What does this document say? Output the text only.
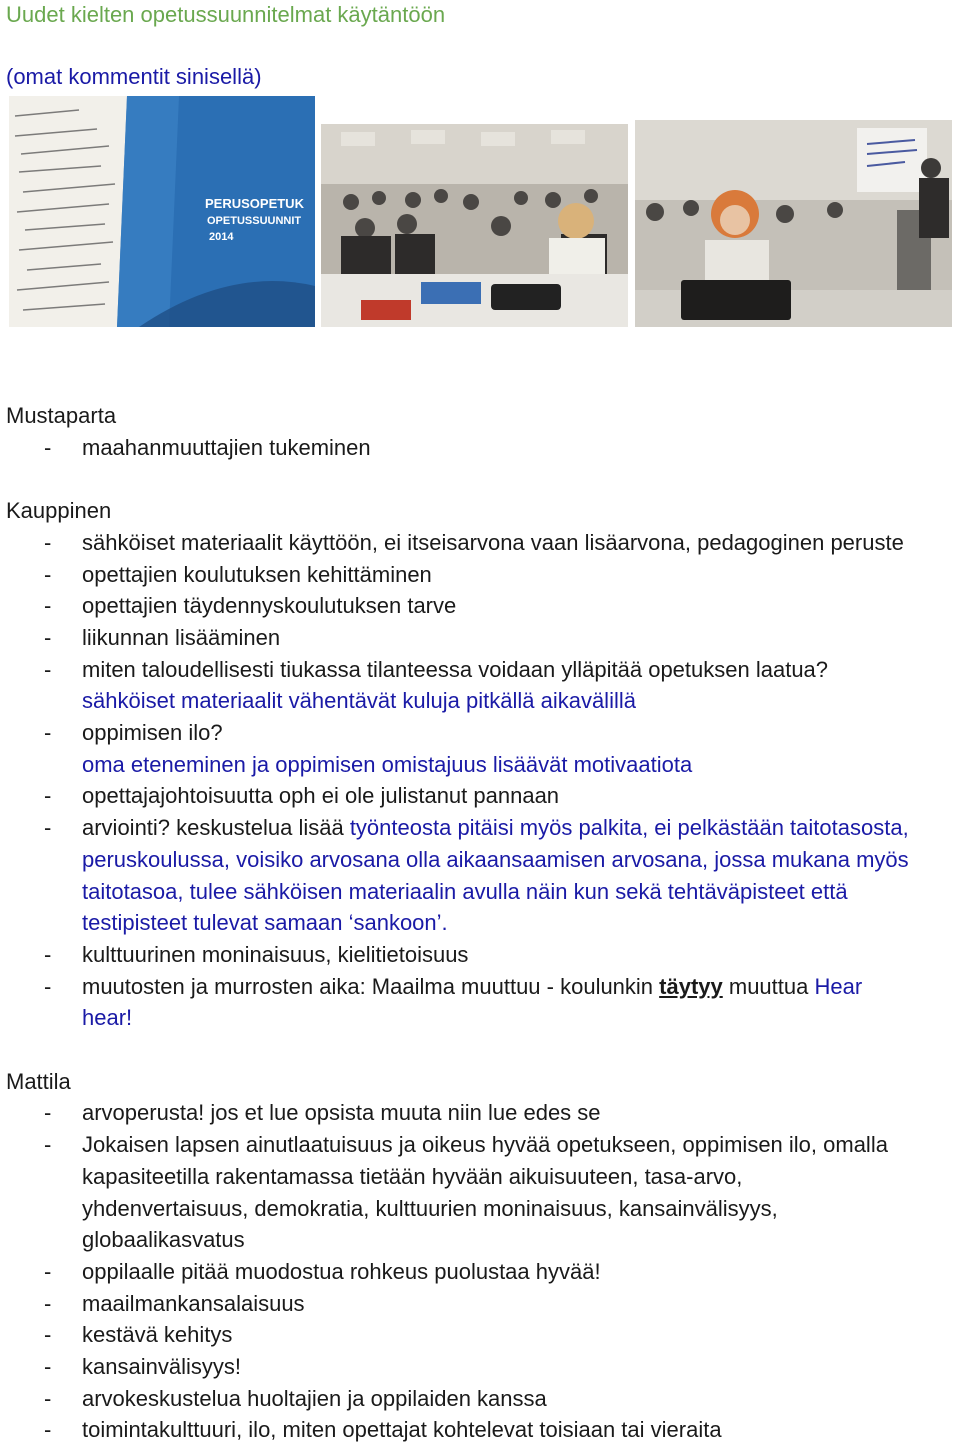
Uudet kielten opetussuunnitelmat käytäntöön

(omat kommentit sinisellä)

PERUSOPETUK
OPETUSSUUNNIT
2014

Mustaparta

- maahanmuuttajien tukeminen

Kauppinen

- sähköiset materiaalit käyttöön, ei itseisarvona vaan lisäarvona, pedagoginen peruste
- opettajien koulutuksen kehittäminen
- opettajien täydennyskoulutuksen tarve
- liikunnan lisääminen
- miten taloudellisesti tiukassa tilanteessa voidaan ylläpitää opetuksen laatua?
sähköiset materiaalit vähentävät kuluja pitkällä aikavälillä
- oppimisen ilo?
oma eteneminen ja oppimisen omistajuus lisäävät motivaatiota
- opettajajohtoisuutta oph ei ole julistanut pannaan
- arviointi? keskustelua lisää työnteosta pitäisi myös palkita, ei pelkästään taitotasosta,
peruskoulussa, voisiko arvosana olla aikaansaamisen arvosana, jossa mukana myös
taitotasoa, tulee sähköisen materiaalin avulla näin kun sekä tehtäväpisteet että
testipisteet tulevat samaan ‘sankoon’.
- kulttuurinen moninaisuus, kielitietoisuus
- muutosten ja murrosten aika: Maailma muuttuu - koulunkin täytyy muuttua Hear
hear!

Mattila

- arvoperusta! jos et lue opsista muuta niin lue edes se
- Jokaisen lapsen ainutlaatuisuus ja oikeus hyvää opetukseen, oppimisen ilo, omalla
kapasiteetilla rakentamassa tietään hyvään aikuisuuteen, tasa-arvo,
yhdenvertaisuus, demokratia, kulttuurien moninaisuus, kansainvälisyys,
globaalikasvatus
- oppilaalle pitää muodostua rohkeus puolustaa hyvää!
- maailmankansalaisuus
- kestävä kehitys
- kansainvälisyys!
- arvokeskustelua huoltajien ja oppilaiden kanssa
- toimintakulttuuri, ilo, miten opettajat kohtelevat toisiaan tai vieraita
